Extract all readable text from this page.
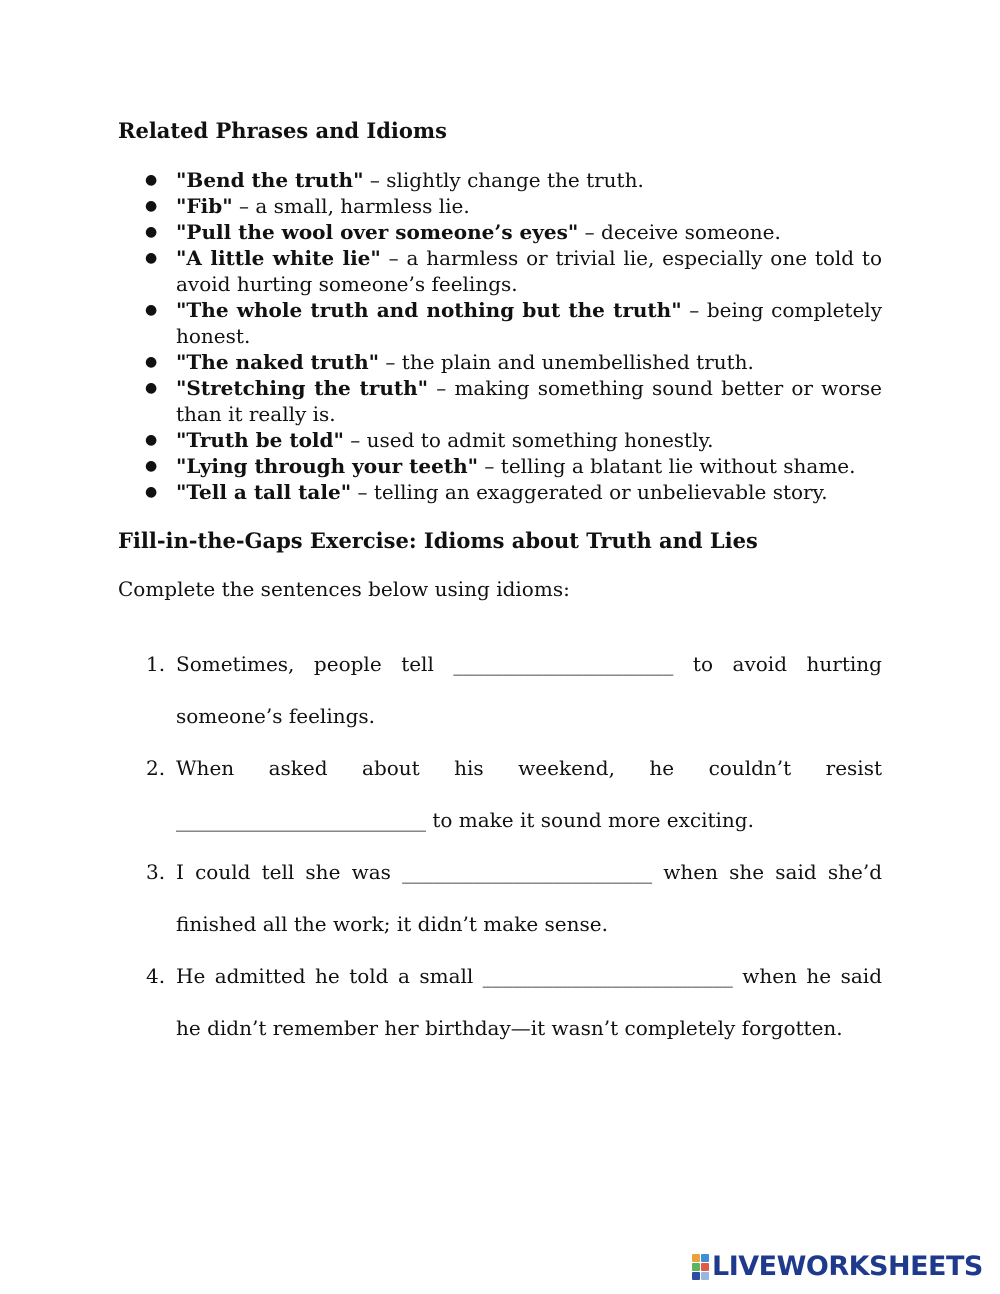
Related Phrases and Idioms
● "Bend the truth" – slightly change the truth.
● "Fib" – a small, harmless lie.
● "Pull the wool over someone’s eyes" – deceive someone.
● "A little white lie" – a harmless or trivial lie, especially one told to avoid hurting someone’s feelings.
● "The whole truth and nothing but the truth" – being completely honest.
● "The naked truth" – the plain and unembellished truth.
● "Stretching the truth" – making something sound better or worse than it really is.
● "Truth be told" – used to admit something honestly.
● "Lying through your teeth" – telling a blatant lie without shame.
● "Tell a tall tale" – telling an exaggerated or unbelievable story.
Fill-in-the-Gaps Exercise: Idioms about Truth and Lies

Complete the sentences below using idioms:

1. Sometimes, people tell ______________________ to avoid hurting someone’s feelings.
2. When asked about his weekend, he couldn’t resist _________________________ to make it sound more exciting.
3. I could tell she was _________________________ when she said she’d finished all the work; it didn’t make sense.
4. He admitted he told a small _________________________ when he said he didn’t remember her birthday—it wasn’t completely forgotten.
LIVEWORKSHEETS
